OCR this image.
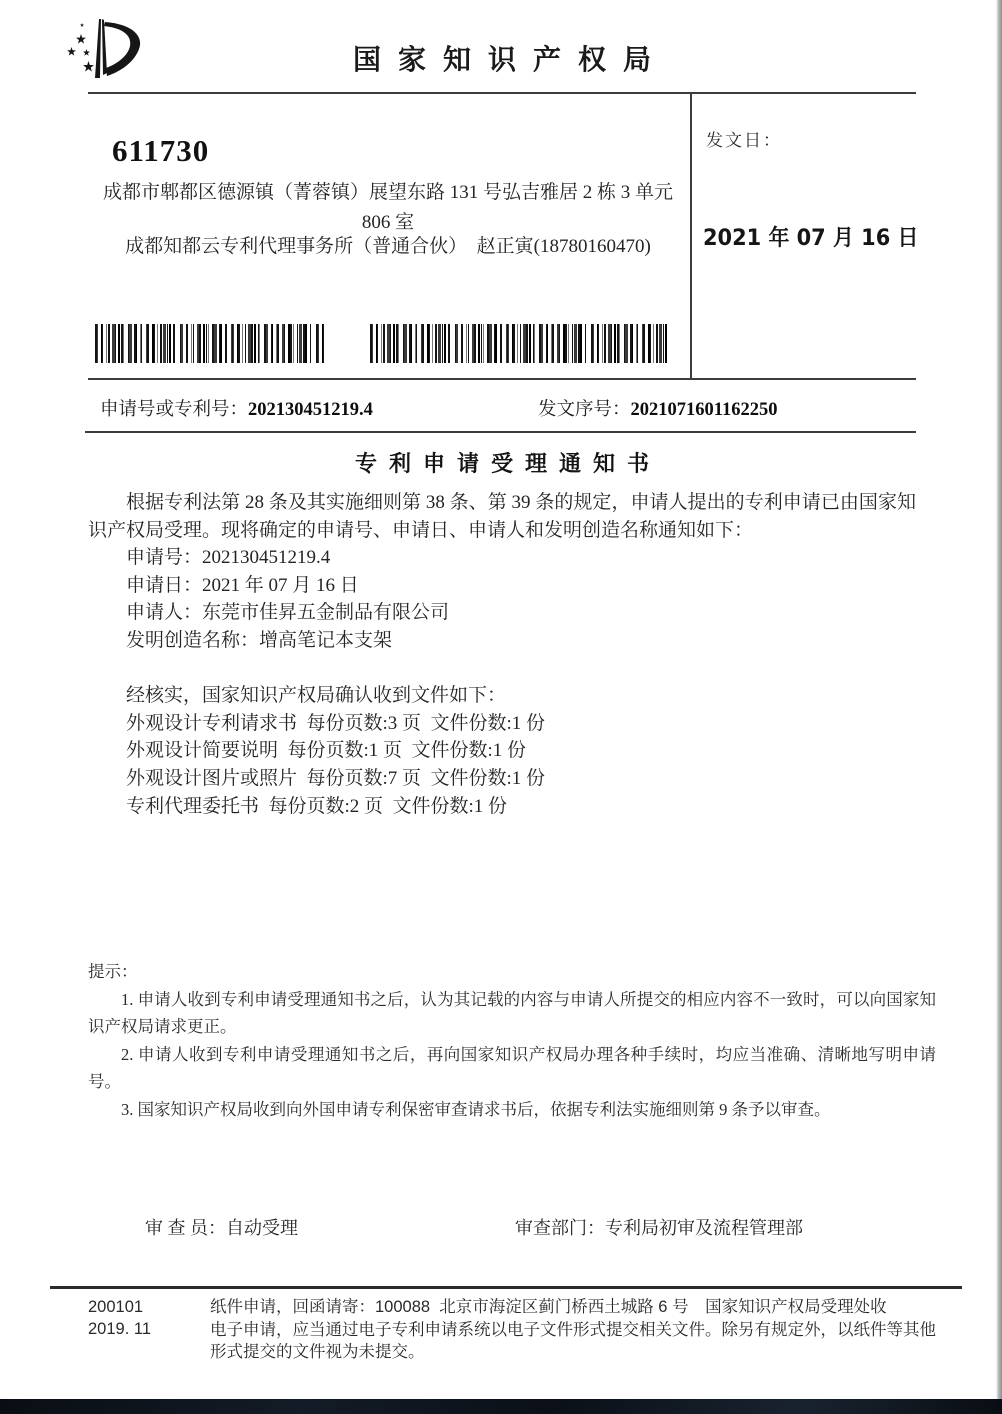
国家知识产权局
611730
成都市郫都区德源镇（菁蓉镇）展望东路 131 号弘吉雅居 2 栋 3 单元
806 室
成都知都云专利代理事务所（普通合伙）  赵正寅(18780160470)
发文日：
2021 年 07 月 16 日
申请号或专利号：202130451219.4	发文序号：2021071601162250
专利申请受理通知书

根据专利法第 28 条及其实施细则第 38 条、第 39 条的规定，申请人提出的专利申请已由国家知识产权局受理。现将确定的申请号、申请日、申请人和发明创造名称通知如下：

申请号：202130451219.4
申请日：2021 年 07 月 16 日
申请人：东莞市佳昇五金制品有限公司
发明创造名称：增高笔记本支架

经核实，国家知识产权局确认收到文件如下：

外观设计专利请求书  每份页数:3 页  文件份数:1 份
外观设计简要说明  每份页数:1 页  文件份数:1 份
外观设计图片或照片  每份页数:7 页  文件份数:1 份
专利代理委托书  每份页数:2 页  文件份数:1 份

提示：

1. 申请人收到专利申请受理通知书之后，认为其记载的内容与申请人所提交的相应内容不一致时，可以向国家知识产权局请求更正。
2. 申请人收到专利申请受理通知书之后，再向国家知识产权局办理各种手续时，均应当准确、清晰地写明申请号。
3. 国家知识产权局收到向外国申请专利保密审查请求书后，依据专利法实施细则第 9 条予以审查。
审 查 员：自动受理	审查部门：专利局初审及流程管理部
200101
2019. 11

纸件申请，回函请寄：100088  北京市海淀区蓟门桥西土城路 6 号　国家知识产权局受理处收

电子申请，应当通过电子专利申请系统以电子文件形式提交相关文件。除另有规定外，以纸件等其他形式提交的文件视为未提交。
